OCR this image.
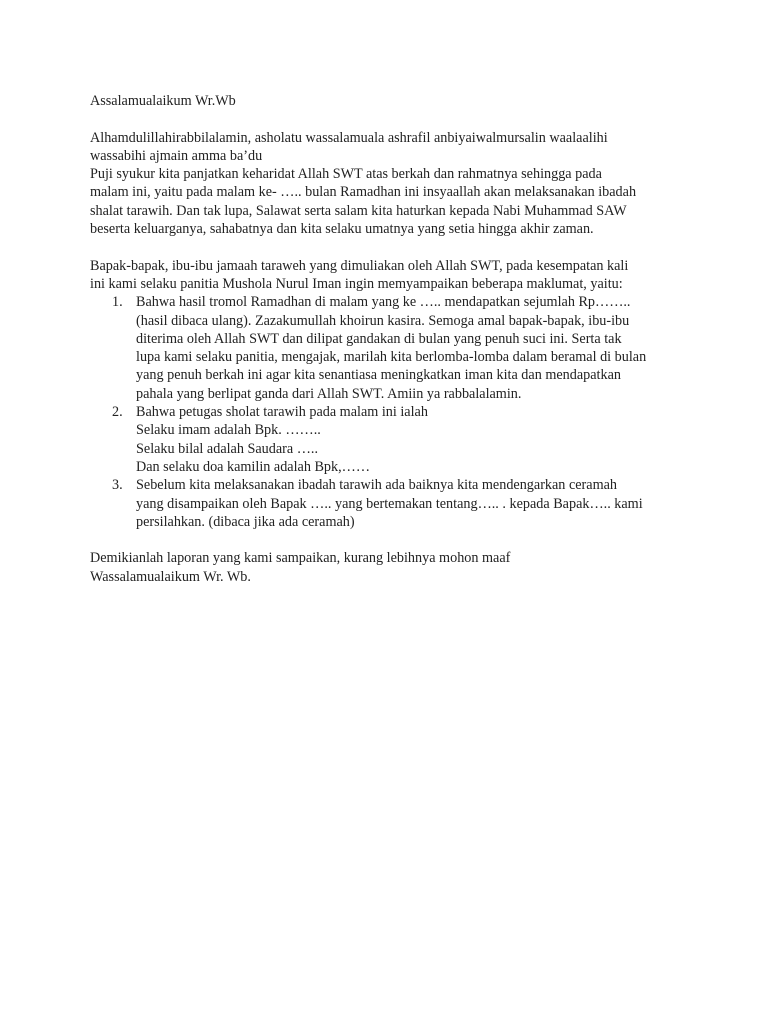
Assalamualaikum Wr.Wb

Alhamdulillahirabbilalamin, asholatu wassalamuala ashrafil anbiyaiwalmursalin waalaalihi
wassabihi ajmain amma ba’du
Puji syukur kita panjatkan keharidat Allah SWT atas berkah dan rahmatnya sehingga pada
malam ini, yaitu pada malam ke- ….. bulan Ramadhan ini insyaallah akan melaksanakan ibadah
shalat tarawih. Dan tak lupa, Salawat serta salam kita haturkan kepada Nabi Muhammad SAW
beserta keluarganya, sahabatnya dan kita selaku umatnya yang setia hingga akhir zaman.

Bapak-bapak, ibu-ibu jamaah taraweh yang dimuliakan oleh Allah SWT, pada kesempatan kali
ini kami selaku panitia Mushola Nurul Iman ingin memyampaikan beberapa maklumat, yaitu:

1. Bahwa hasil tromol Ramadhan di malam yang ke ….. mendapatkan sejumlah Rp……..
(hasil dibaca ulang). Zazakumullah khoirun kasira. Semoga amal bapak-bapak, ibu-ibu
diterima oleh Allah SWT dan dilipat gandakan di bulan yang penuh suci ini. Serta tak
lupa kami selaku panitia, mengajak, marilah kita berlomba-lomba dalam beramal di bulan
yang penuh berkah ini agar kita senantiasa meningkatkan iman kita dan mendapatkan
pahala yang berlipat ganda dari Allah SWT. Amiin ya rabbalalamin.
2. Bahwa petugas sholat tarawih pada malam ini ialah
Selaku imam adalah Bpk. ……..
Selaku bilal adalah Saudara …..
Dan selaku doa kamilin adalah Bpk,……
3. Sebelum kita melaksanakan ibadah tarawih ada baiknya kita mendengarkan ceramah
yang disampaikan oleh Bapak ….. yang bertemakan tentang….. . kepada Bapak….. kami
persilahkan. (dibaca jika ada ceramah)

Demikianlah laporan yang kami sampaikan, kurang lebihnya mohon maaf
Wassalamualaikum Wr. Wb.
